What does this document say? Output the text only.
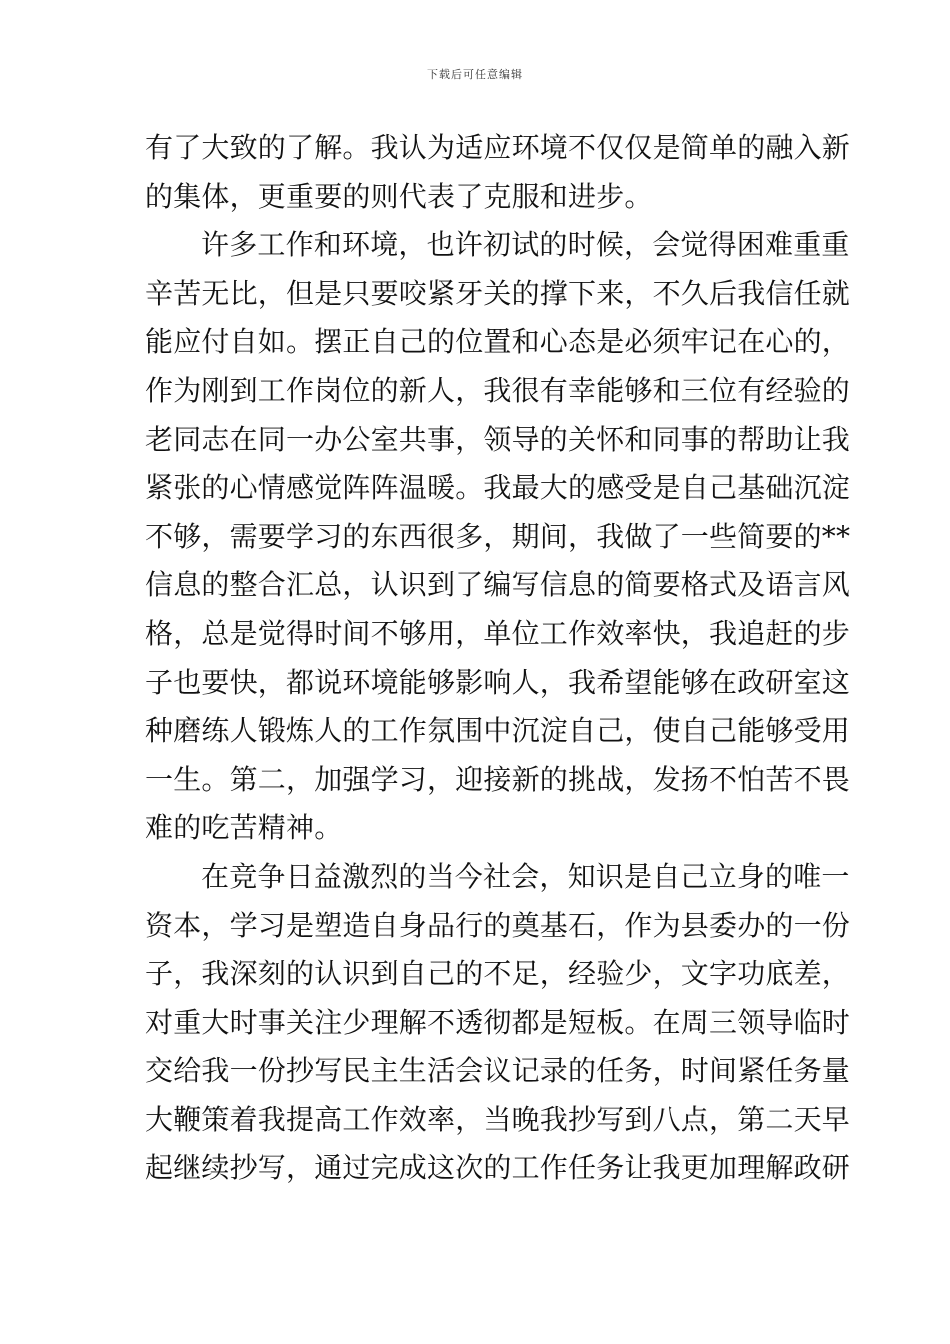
下载后可任意编辑
有了大致的了解。我认为适应环境不仅仅是简单的融入新
的集体，更重要的则代表了克服和进步。
许多工作和环境，也许初试的时候，会觉得困难重重
辛苦无比，但是只要咬紧牙关的撑下来，不久后我信任就
能应付自如。摆正自己的位置和心态是必须牢记在心的，
作为刚到工作岗位的新人，我很有幸能够和三位有经验的
老同志在同一办公室共事，领导的关怀和同事的帮助让我
紧张的心情感觉阵阵温暖。我最大的感受是自己基础沉淀
不够，需要学习的东西很多，期间，我做了一些简要的**
信息的整合汇总，认识到了编写信息的简要格式及语言风
格，总是觉得时间不够用，单位工作效率快，我追赶的步
子也要快，都说环境能够影响人，我希望能够在政研室这
种磨练人锻炼人的工作氛围中沉淀自己，使自己能够受用
一生。第二，加强学习，迎接新的挑战，发扬不怕苦不畏
难的吃苦精神。
在竞争日益激烈的当今社会，知识是自己立身的唯一
资本，学习是塑造自身品行的奠基石，作为县委办的一份
子，我深刻的认识到自己的不足，经验少，文字功底差，
对重大时事关注少理解不透彻都是短板。在周三领导临时
交给我一份抄写民主生活会议记录的任务，时间紧任务量
大鞭策着我提高工作效率，当晚我抄写到八点，第二天早
起继续抄写，通过完成这次的工作任务让我更加理解政研
